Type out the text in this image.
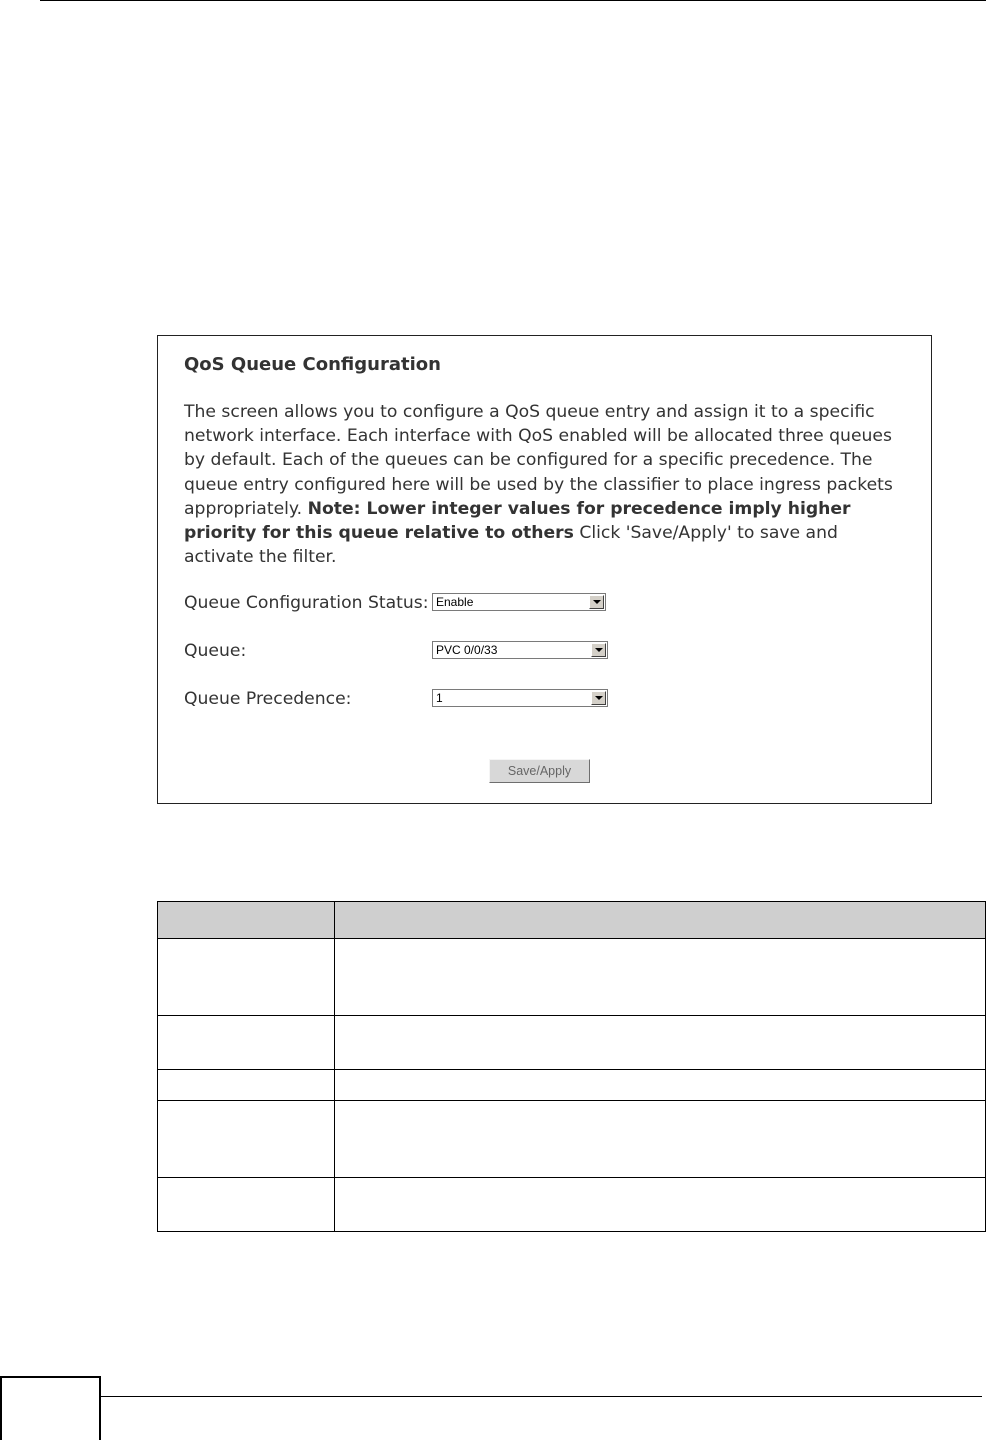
QoS Queue Configuration

The screen allows you to configure a QoS queue entry and assign it to a specific network interface. Each interface with QoS enabled will be allocated three queues by default. Each of the queues can be configured for a specific precedence. The queue entry configured here will be used by the classifier to place ingress packets appropriately. Note: Lower integer values for precedence imply higher priority for this queue relative to others Click 'Save/Apply' to save and activate the filter.

Queue Configuration Status: Enable
Queue:	PVC 0/0/33
Queue Precedence:	1
Save/Apply
